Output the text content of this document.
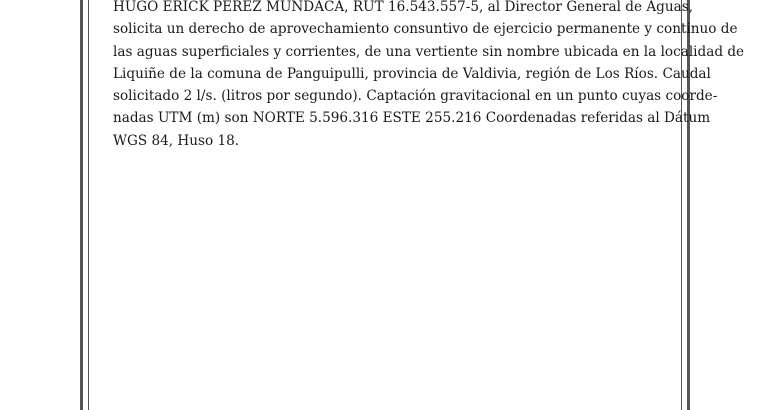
HUGO ERICK PEREZ MUNDACA, RUT 16.543.557-5, al Director General de Aguas,
solicita un derecho de aprovechamiento consuntivo de ejercicio permanente y continuo de
las aguas superficiales y corrientes, de una vertiente sin nombre ubicada en la localidad de
Liquiñe de la comuna de Panguipulli, provincia de Valdivia, región de Los Ríos. Caudal
solicitado 2 l/s. (litros por segundo). Captación gravitacional en un punto cuyas coorde-
nadas UTM (m) son NORTE 5.596.316 ESTE 255.216 Coordenadas referidas al Dátum
WGS 84, Huso 18.
